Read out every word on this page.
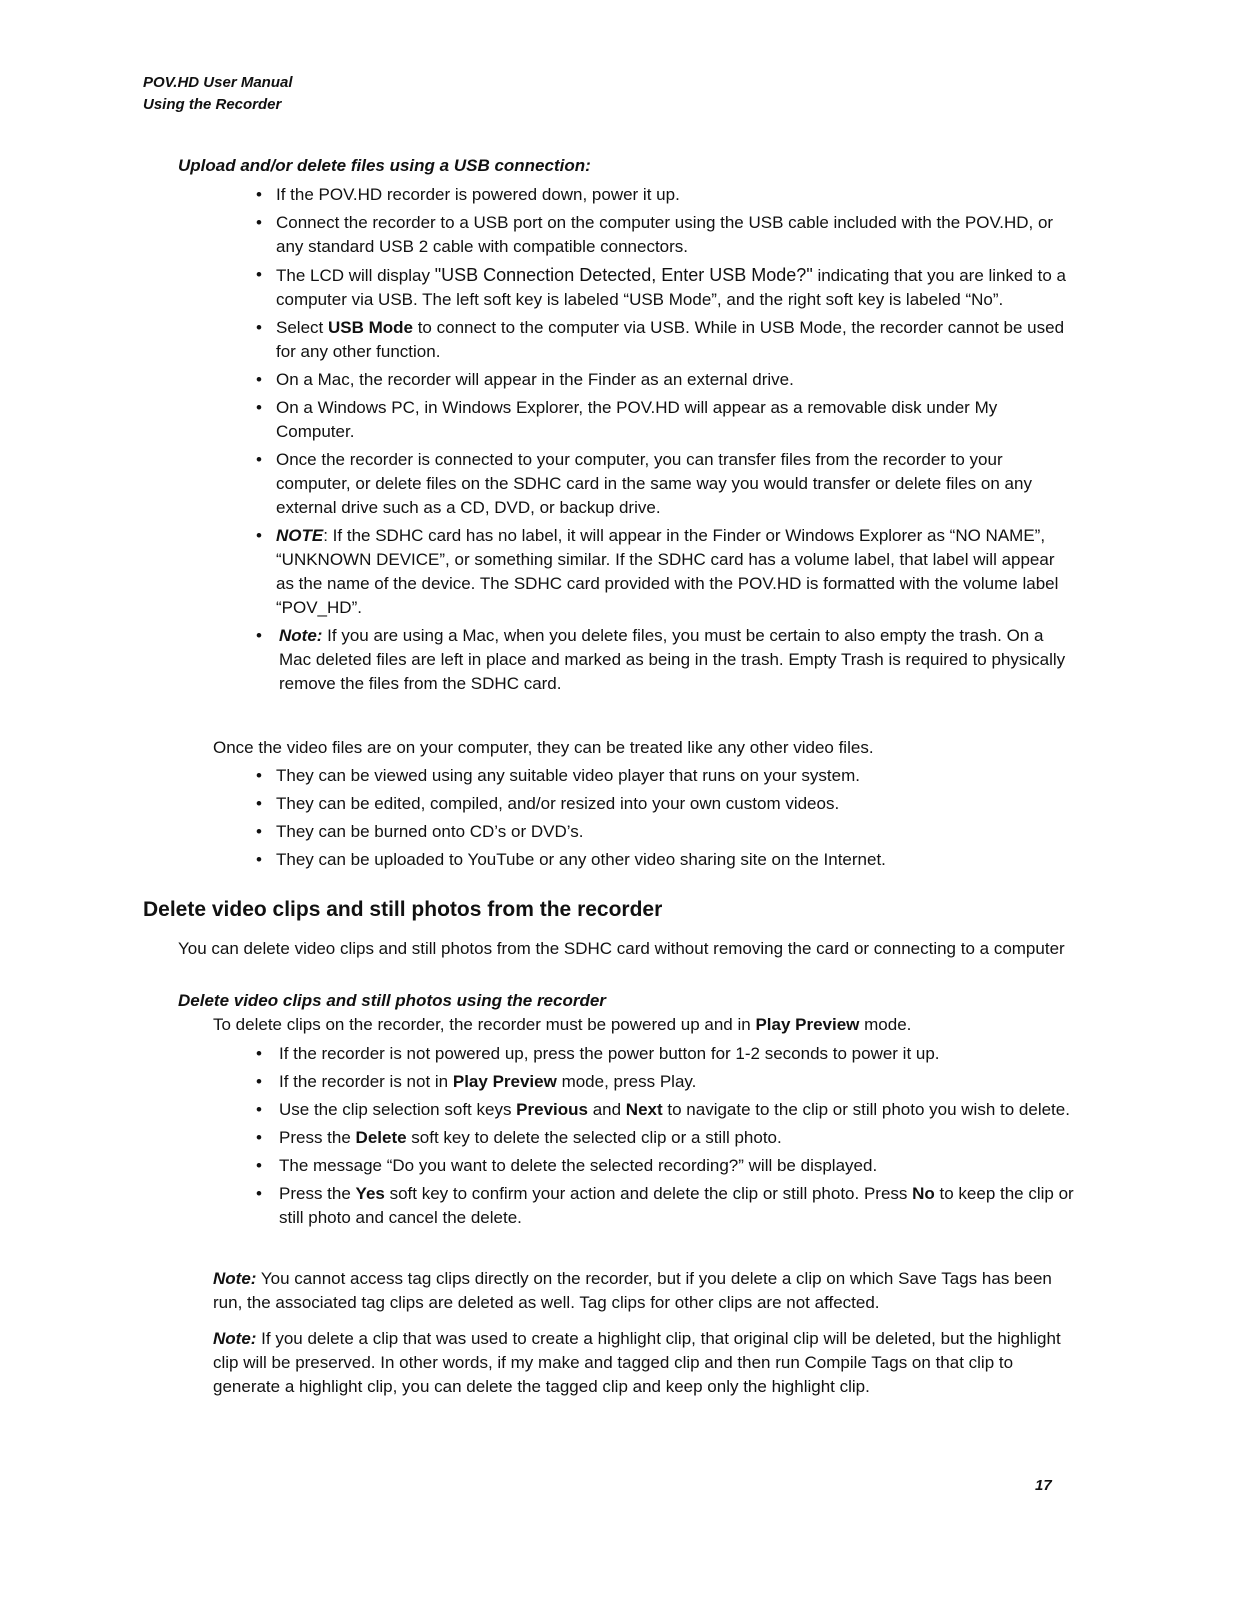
POV.HD User Manual
Using the Recorder
Upload and/or delete files using a USB connection:
• If the POV.HD recorder is powered down, power it up.
• Connect the recorder to a USB port on the computer using the USB cable included with the POV.HD, or any standard USB 2 cable with compatible connectors.
• The LCD will display "USB Connection Detected, Enter USB Mode?" indicating that you are linked to a computer via USB. The left soft key is labeled “USB Mode”, and the right soft key is labeled “No”.
• Select USB Mode to connect to the computer via USB. While in USB Mode, the recorder cannot be used for any other function.
• On a Mac, the recorder will appear in the Finder as an external drive.
• On a Windows PC, in Windows Explorer, the POV.HD will appear as a removable disk under My Computer.
• Once the recorder is connected to your computer, you can transfer files from the recorder to your computer, or delete files on the SDHC card in the same way you would transfer or delete files on any external drive such as a CD, DVD, or backup drive.
• NOTE: If the SDHC card has no label, it will appear in the Finder or Windows Explorer as “NO NAME”, “UNKNOWN DEVICE”, or something similar. If the SDHC card has a volume label, that label will appear as the name of the device. The SDHC card provided with the POV.HD is formatted with the volume label “POV_HD”.
• Note: If you are using a Mac, when you delete files, you must be certain to also empty the trash. On a Mac deleted files are left in place and marked as being in the trash. Empty Trash is required to physically remove the files from the SDHC card.
Once the video files are on your computer, they can be treated like any other video files.
• They can be viewed using any suitable video player that runs on your system.
• They can be edited, compiled, and/or resized into your own custom videos.
• They can be burned onto CD’s or DVD’s.
• They can be uploaded to YouTube or any other video sharing site on the Internet.
Delete video clips and still photos from the recorder
You can delete video clips and still photos from the SDHC card without removing the card or connecting to a computer
Delete video clips and still photos using the recorder
To delete clips on the recorder, the recorder must be powered up and in Play Preview mode.
• If the recorder is not powered up, press the power button for 1-2 seconds to power it up.
• If the recorder is not in Play Preview mode, press Play.
• Use the clip selection soft keys Previous and Next to navigate to the clip or still photo you wish to delete.
• Press the Delete soft key to delete the selected clip or a still photo.
• The message “Do you want to delete the selected recording?” will be displayed.
• Press the Yes soft key to confirm your action and delete the clip or still photo. Press No to keep the clip or still photo and cancel the delete.
Note: You cannot access tag clips directly on the recorder, but if you delete a clip on which Save Tags has been run, the associated tag clips are deleted as well. Tag clips for other clips are not affected.
Note: If you delete a clip that was used to create a highlight clip, that original clip will be deleted, but the highlight clip will be preserved. In other words, if my make and tagged clip and then run Compile Tags on that clip to generate a highlight clip, you can delete the tagged clip and keep only the highlight clip.
17
